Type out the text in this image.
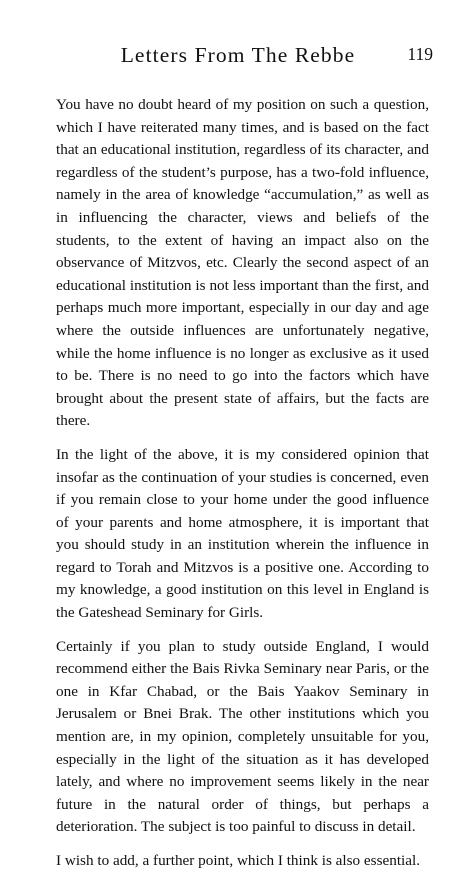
Letters From The Rebbe	119

You have no doubt heard of my position on such a question, which I have reiterated many times, and is based on the fact that an educational institution, regardless of its character, and regardless of the student’s purpose, has a two-fold influence, namely in the area of knowledge “accumulation,” as well as in influencing the character, views and beliefs of the students, to the extent of having an impact also on the observance of Mitzvos, etc. Clearly the second aspect of an educational institution is not less important than the first, and perhaps much more important, especially in our day and age where the outside influences are unfortunately negative, while the home influence is no longer as exclusive as it used to be. There is no need to go into the factors which have brought about the present state of affairs, but the facts are there.

In the light of the above, it is my considered opinion that insofar as the continuation of your studies is concerned, even if you remain close to your home under the good influence of your parents and home atmosphere, it is important that you should study in an institution wherein the influence in regard to Torah and Mitzvos is a positive one. According to my knowledge, a good institution on this level in England is the Gateshead Seminary for Girls.

Certainly if you plan to study outside England, I would recommend either the Bais Rivka Seminary near Paris, or the one in Kfar Chabad, or the Bais Yaakov Seminary in Jerusalem or Bnei Brak. The other institutions which you mention are, in my opinion, completely unsuitable for you, especially in the light of the situation as it has developed lately, and where no improvement seems likely in the near future in the natural order of things, but perhaps a deterioration. The subject is too painful to discuss in detail.

I wish to add, a further point, which I think is also essential.
